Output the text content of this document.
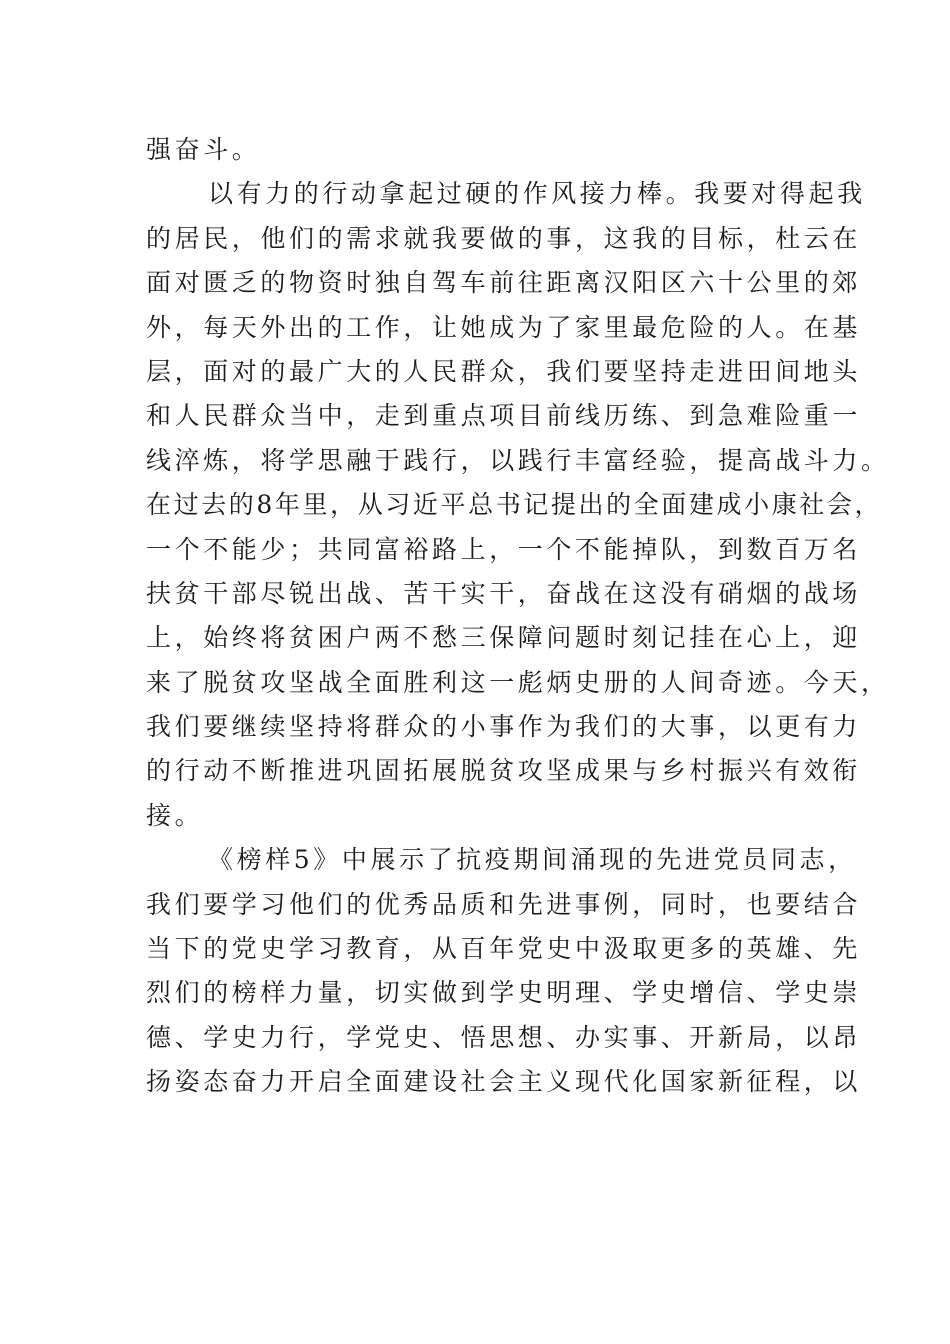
强奋斗。
以有力的行动拿起过硬的作风接力棒。我要对得起我
的居民，他们的需求就我要做的事，这我的目标，杜云在
面对匮乏的物资时独自驾车前往距离汉阳区六十公里的郊
外，每天外出的工作，让她成为了家里最危险的人。在基
层，面对的最广大的人民群众，我们要坚持走进田间地头
和人民群众当中，走到重点项目前线历练、到急难险重一
线淬炼，将学思融于践行，以践行丰富经验，提高战斗力。
在过去的8年里，从习近平总书记提出的全面建成小康社会，
一个不能少；共同富裕路上，一个不能掉队，到数百万名
扶贫干部尽锐出战、苦干实干，奋战在这没有硝烟的战场
上，始终将贫困户两不愁三保障问题时刻记挂在心上，迎
来了脱贫攻坚战全面胜利这一彪炳史册的人间奇迹。今天，
我们要继续坚持将群众的小事作为我们的大事，以更有力
的行动不断推进巩固拓展脱贫攻坚成果与乡村振兴有效衔
接。
《榜样5》中展示了抗疫期间涌现的先进党员同志，
我们要学习他们的优秀品质和先进事例，同时，也要结合
当下的党史学习教育，从百年党史中汲取更多的英雄、先
烈们的榜样力量，切实做到学史明理、学史增信、学史崇
德、学史力行，学党史、悟思想、办实事、开新局，以昂
扬姿态奋力开启全面建设社会主义现代化国家新征程，以
